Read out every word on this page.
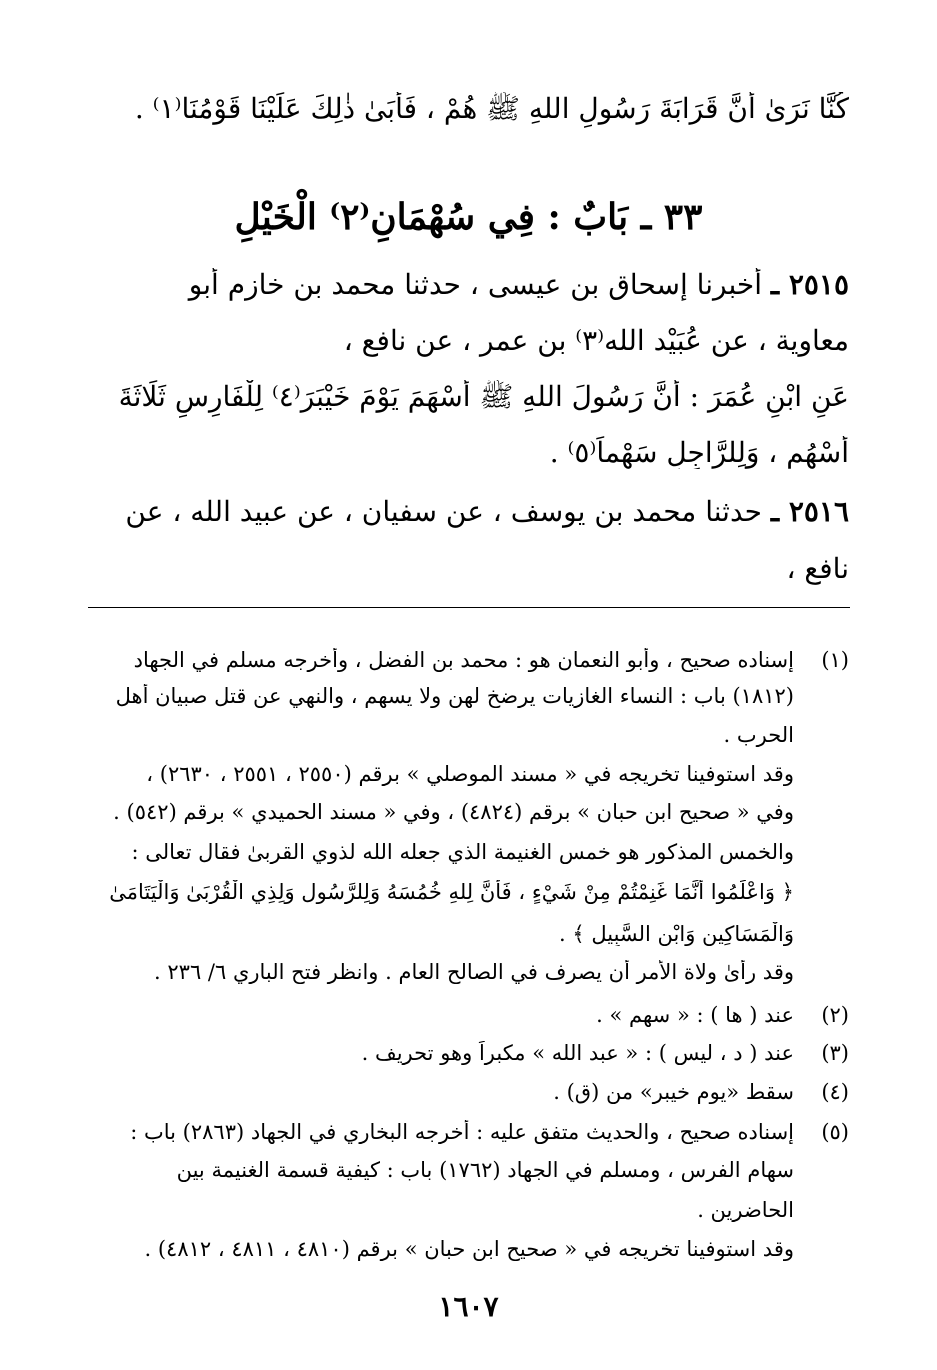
كُنَّا نَرَىٰ أَنَّ قَرَابَةَ رَسُولِ اللهِ ﷺ هُمْ ، فَأَبَىٰ ذٰلِكَ عَلَيْنَا قَوْمُنَا⁽١⁾ .
٣٣ ـ بَابٌ : فِي سُهْمَانِ⁽٢⁾ الْخَيْلِ
٢٥١٥ ـ أخبرنا إسحاق بن عيسى ، حدثنا محمد بن خازم أبو
معاوية ، عن عُبَيْد الله⁽٣⁾ بن عمر ، عن نافع ،
عَنِ ابْنِ عُمَرَ : أَنَّ رَسُولَ اللهِ ﷺ أَسْهَمَ يَوْمَ خَيْبَرَ⁽٤⁾ لِلْفَارِسِ ثَلَاثَةَ
أَسْهُمٍ ، وَلِلرَّاجِلِ سَهْماً⁽٥⁾ .
٢٥١٦ ـ حدثنا محمد بن يوسف ، عن سفيان ، عن عبيد الله ، عن
نافع ،
(١)
إسناده صحيح ، وأبو النعمان هو : محمد بن الفضل ، وأخرجه مسلم في الجهاد
(١٨١٢) باب : النساء الغازيات يرضخ لهن ولا يسهم ، والنهي عن قتل صبيان أهل
الحرب .
وقد استوفينا تخريجه في « مسند الموصلي » برقم (٢٥٥٠ ، ٢٥٥١ ، ٢٦٣٠) ،
وفي « صحيح ابن حبان » برقم (٤٨٢٤) ، وفي « مسند الحميدي » برقم (٥٤٢) .
والخمس المذكور هو خمس الغنيمة الذي جعله الله لذوي القربىٰ فقال تعالى :
﴿ وَاعْلَمُوا أَنَّمَا غَنِمْتُمْ مِنْ شَيْءٍ ، فَأَنَّ لِلهِ خُمُسَهُ وَلِلرَّسُولِ وَلِذِي الْقُرْبَىٰ وَالْيَتَامَىٰ
وَالْمَسَاكِينِ وَابْنِ السَّبِيلِ ﴾ .
وقد رأىٰ ولاة الأمر أن يصرف في الصالح العام . وانظر فتح الباري ٦/ ٢٣٦ .
(٢)
عند ( ها ) : « سهم » .
(٣)
عند ( د ، ليس ) : « عبد الله » مكبراً وهو تحريف .
(٤)
سقط «يوم خيبر» من (ق) .
(٥)
إسناده صحيح ، والحديث متفق عليه : أخرجه البخاري في الجهاد (٢٨٦٣) باب :
سهام الفرس ، ومسلم في الجهاد (١٧٦٢) باب : كيفية قسمة الغنيمة بين
الحاضرين .
وقد استوفينا تخريجه في « صحيح ابن حبان » برقم (٤٨١٠ ، ٤٨١١ ، ٤٨١٢) .
١٦٠٧
